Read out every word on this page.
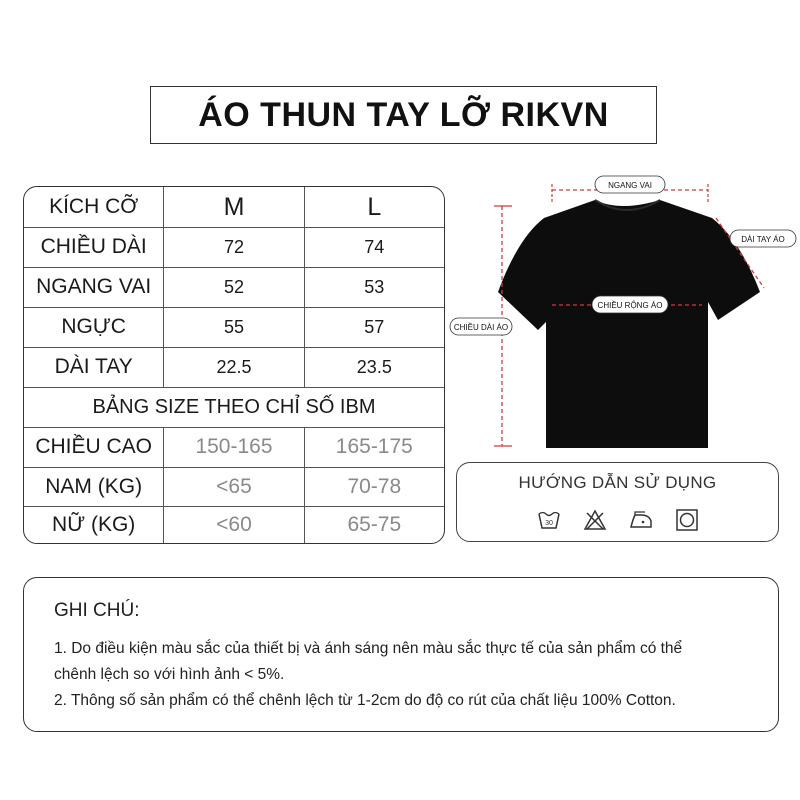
ÁO THUN TAY LỠ RIKVN
KÍCH CỠ	M	L
CHIỀU DÀI	72	74
NGANG VAI	52	53
NGỰC	55	57
DÀI TAY	22.5	23.5
BẢNG SIZE THEO CHỈ SỐ IBM
CHIỀU CAO	150-165	165-175
NAM (KG)	<65	70-78
NỮ (KG)	<60	65-75
NGANG VAI
DÀI TAY ÁO
CHIỀU RỘNG ÁO
CHIỀU DÀI ÁO
HƯỚNG DẪN SỬ DỤNG
30
GHI CHÚ:
1. Do điều kiện màu sắc của thiết bị và ánh sáng nên màu sắc thực tế của sản phẩm có thể
chênh lệch so với hình ảnh < 5%.
2. Thông số sản phẩm có thể chênh lệch từ 1-2cm do độ co rút của chất liệu 100% Cotton.
